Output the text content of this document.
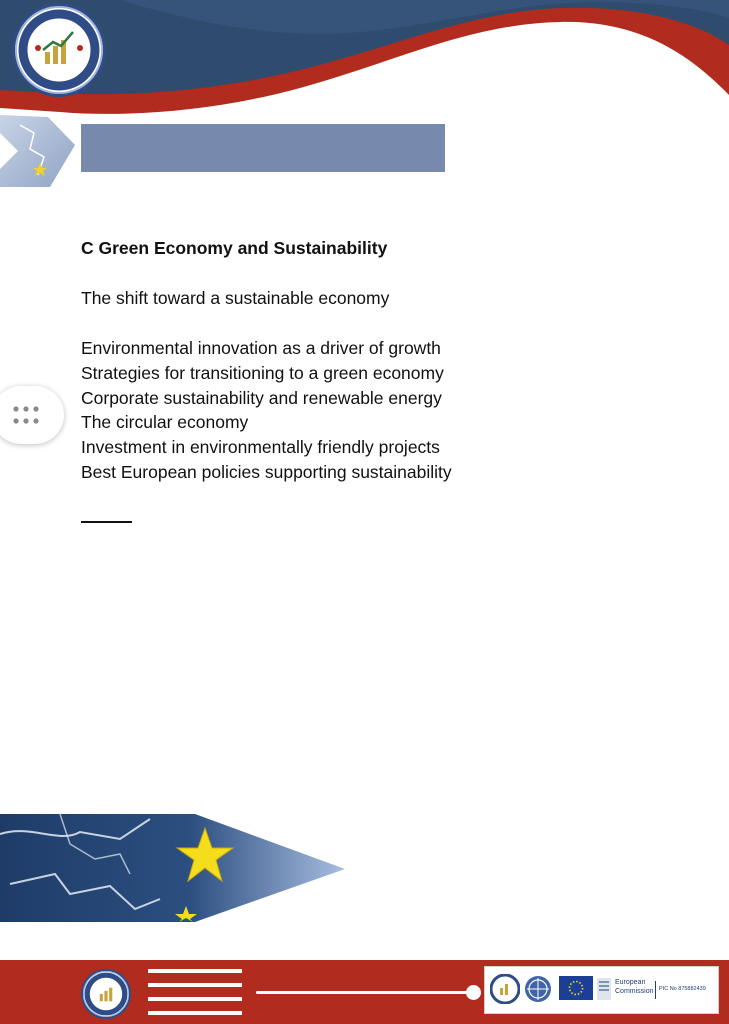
C Green Economy and Sustainability
The shift toward a sustainable economy
Environmental innovation as a driver of growth
Strategies for transitioning to a green economy
Corporate sustainability and renewable energy
The circular economy
Investment in environmentally friendly projects
Best European policies supporting sustainability
European Commission PIC No 875882439
